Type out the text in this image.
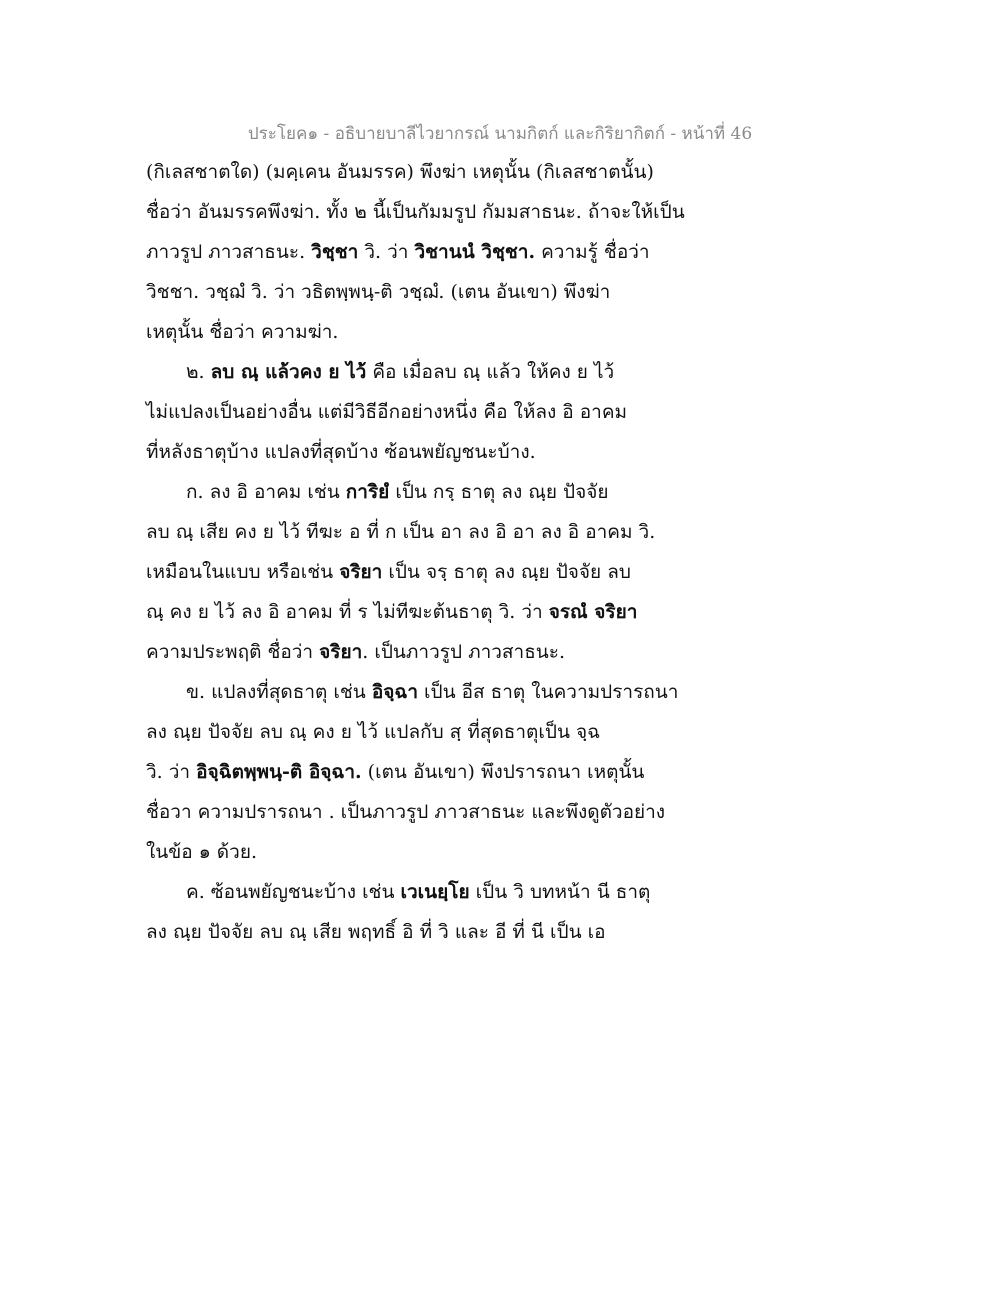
ประโยค๑ - อธิบายบาลีไวยากรณ์ นามกิตก์ และกิริยากิตก์ - หน้าที่ 46
(กิเลสชาตใด) (มคฺเคน อันมรรค) พึงฆ่า เหตุนั้น (กิเลสชาตนั้น)
ชื่อว่า อันมรรคพึงฆ่า. ทั้ง ๒ นี้เป็นกัมมรูป กัมมสาธนะ. ถ้าจะให้เป็น
ภาวรูป ภาวสาธนะ. วิชฺชา วิ. ว่า วิชานนํ วิชฺชา. ความรู้ ชื่อว่า
วิชชา. วชฺฌํ วิ. ว่า วธิตพฺพนฺ-ติ วชฺฌํ. (เตน อันเขา) พึงฆ่า
เหตุนั้น ชื่อว่า ความฆ่า.
๒. ลบ ณฺ แล้วคง ย ไว้ คือ เมื่อลบ ณฺ แล้ว ให้คง ย ไว้
ไม่แปลงเป็นอย่างอื่น แต่มีวิธีอีกอย่างหนึ่ง คือ ให้ลง อิ อาคม
ที่หลังธาตุบ้าง แปลงที่สุดบ้าง ซ้อนพยัญชนะบ้าง.
ก. ลง อิ อาคม เช่น การิยํ เป็น กรฺ ธาตุ ลง ณฺย ปัจจัย
ลบ ณฺ เสีย คง ย ไว้ ทีฆะ อ ที่ ก เป็น อา ลง อิ อา ลง อิ อาคม วิ.
เหมือนในแบบ หรือเช่น จริยา เป็น จรฺ ธาตุ ลง ณฺย ปัจจัย ลบ
ณฺ คง ย ไว้ ลง อิ อาคม ที่ ร ไม่ทีฆะต้นธาตุ วิ. ว่า จรณํ จริยา
ความประพฤติ ชื่อว่า จริยา. เป็นภาวรูป ภาวสาธนะ.
ข. แปลงที่สุดธาตุ เช่น อิจฺฉา เป็น อีส ธาตุ ในความปรารถนา
ลง ณฺย ปัจจัย ลบ ณฺ คง ย ไว้ แปลกับ สฺ ที่สุดธาตุเป็น จฺฉ
วิ. ว่า อิจฺฉิตพฺพนฺ-ติ อิจฺฉา. (เตน อันเขา) พึงปรารถนา เหตุนั้น
ชื่อวา ความปรารถนา . เป็นภาวรูป ภาวสาธนะ และพึงดูตัวอย่าง
ในข้อ ๑ ด้วย.
ค. ซ้อนพยัญชนะบ้าง เช่น เวเนยฺโย เป็น วิ บทหน้า นี ธาตุ
ลง ณฺย ปัจจัย ลบ ณฺ เสีย พฤทธิ์ อิ ที่ วิ และ อี ที่ นี เป็น เอ
